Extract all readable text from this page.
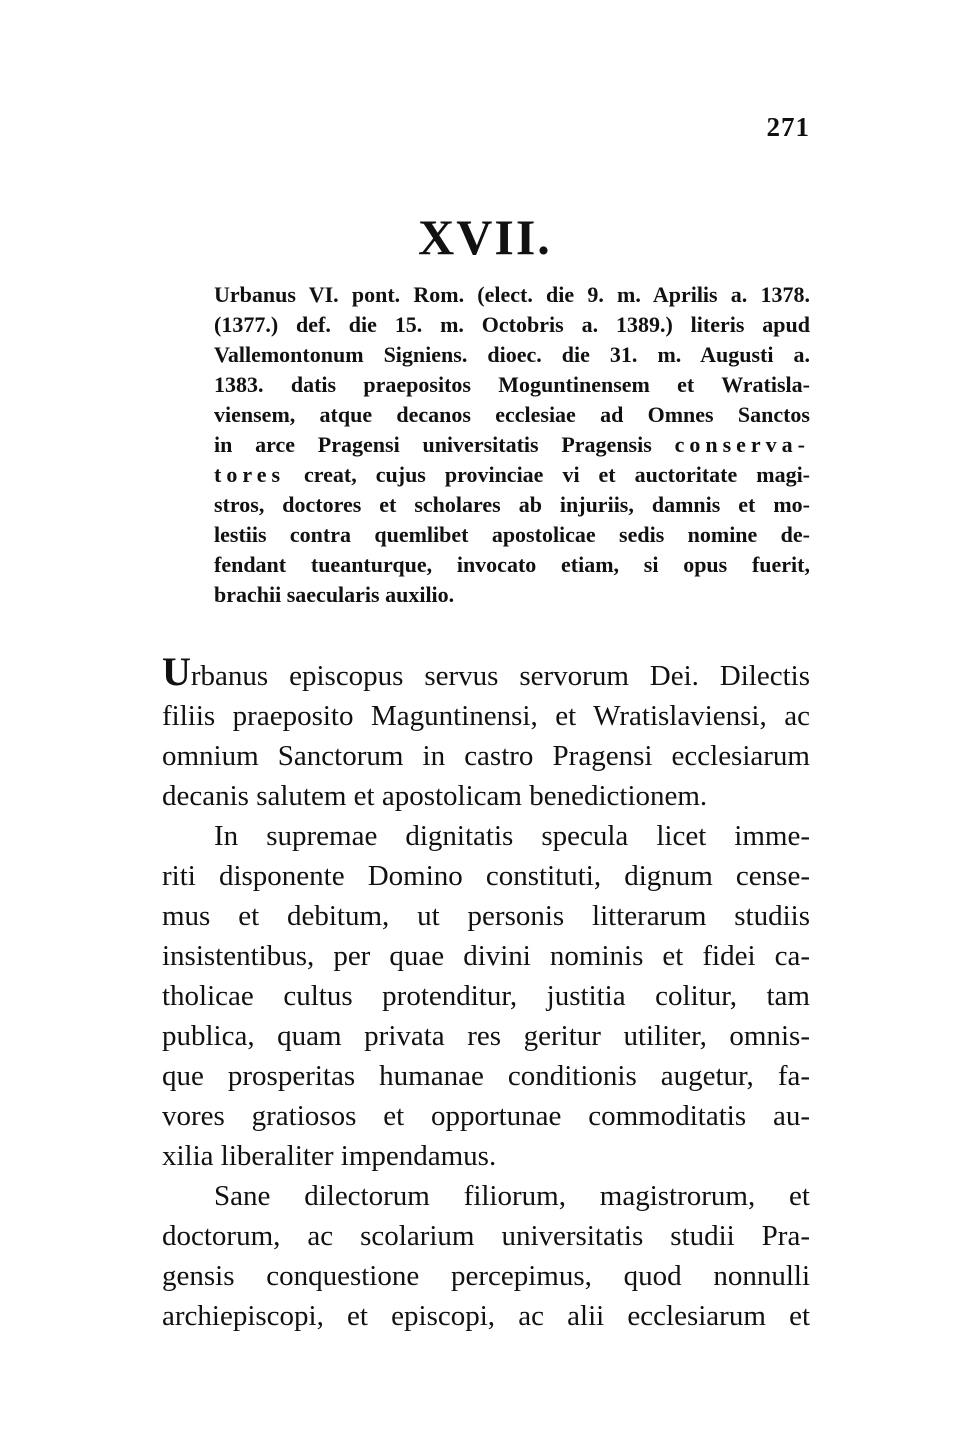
271
XVII.
Urbanus VI. pont. Rom. (elect. die 9. m. Aprilis a. 1378.
(1377.) def. die 15. m. Octobris a. 1389.) literis apud
Vallemontonum Signiens. dioec. die 31. m. Augusti a.
1383. datis praepositos Moguntinensem et Wratisla-
viensem, atque decanos ecclesiae ad Omnes Sanctos
in arce Pragensi universitatis Pragensis conserva-
tores creat, cujus provinciae vi et auctoritate magi-
stros, doctores et scholares ab injuriis, damnis et mo-
lestiis contra quemlibet apostolicae sedis nomine de-
fendant tueanturque, invocato etiam, si opus fuerit,
brachii saecularis auxilio.
Urbanus episcopus servus servorum Dei. Dilectis
filiis praeposito Maguntinensi, et Wratislaviensi, ac
omnium Sanctorum in castro Pragensi ecclesiarum
decanis salutem et apostolicam benedictionem.
In supremae dignitatis specula licet imme-
riti disponente Domino constituti, dignum cense-
mus et debitum, ut personis litterarum studiis
insistentibus, per quae divini nominis et fidei ca-
tholicae cultus protenditur, justitia colitur, tam
publica, quam privata res geritur utiliter, omnis-
que prosperitas humanae conditionis augetur, fa-
vores gratiosos et opportunae commoditatis au-
xilia liberaliter impendamus.
Sane dilectorum filiorum, magistrorum, et
doctorum, ac scolarium universitatis studii Pra-
gensis conquestione percepimus, quod nonnulli
archiepiscopi, et episcopi, ac alii ecclesiarum et
